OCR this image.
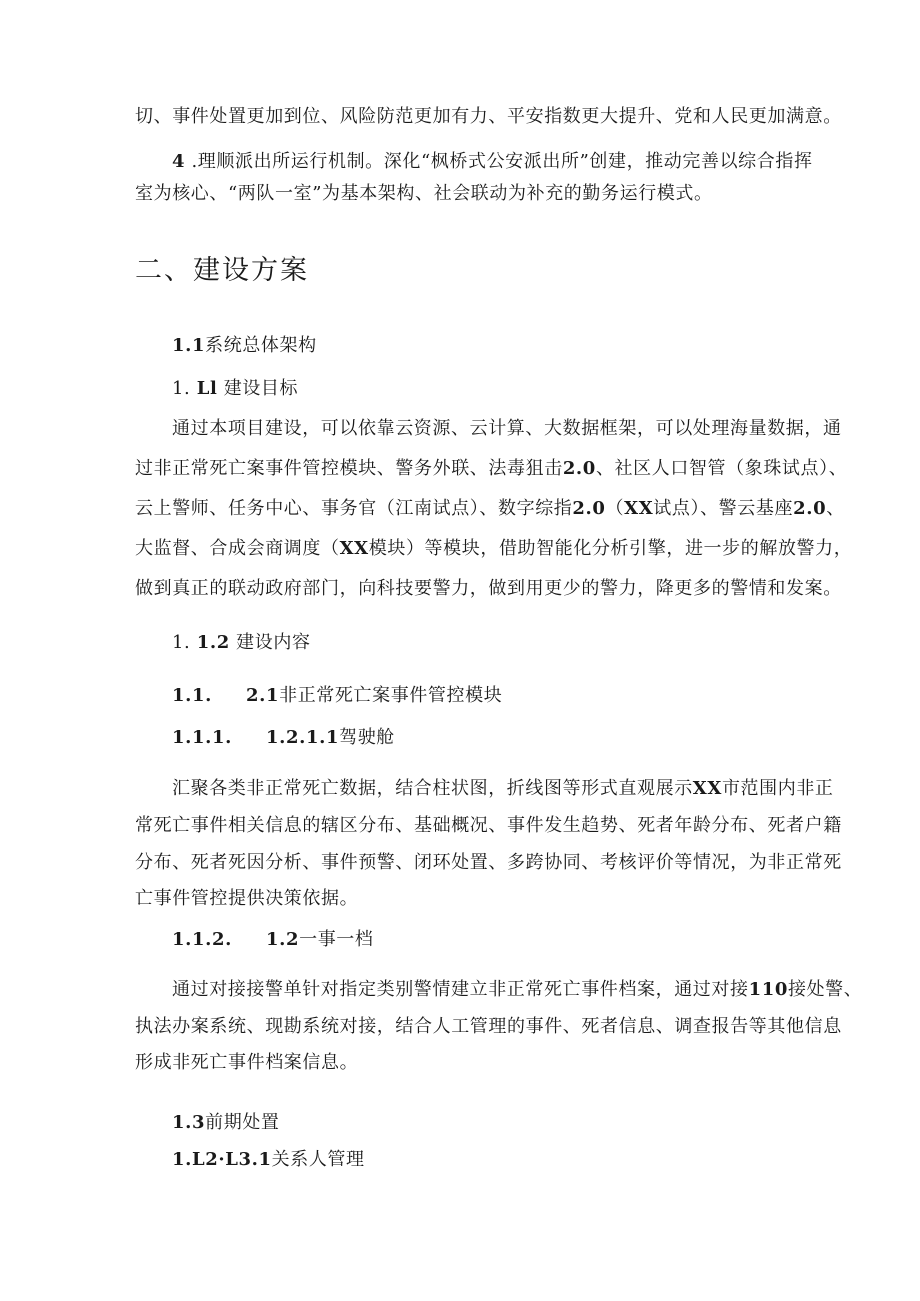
切、事件处置更加到位、风险防范更加有力、平安指数更大提升、党和人民更加满意。
4 .理顺派出所运行机制。深化“枫桥式公安派出所”创建，推动完善以综合指挥
室为核心、“两队一室”为基本架构、社会联动为补充的勤务运行模式。
二、建设方案
1.1系统总体架构
1. Ll 建设目标
通过本项目建设，可以依靠云资源、云计算、大数据框架，可以处理海量数据，通
过非正常死亡案事件管控模块、警务外联、法毒狙击2.0、社区人口智管（象珠试点）、
云上警师、任务中心、事务官（江南试点）、数字综指2.0（XX试点）、警云基座2.0、
大监督、合成会商调度（XX模块）等模块，借助智能化分析引擎，进一步的解放警力，
做到真正的联动政府部门，向科技要警力，做到用更少的警力，降更多的警情和发案。
1. 1.2 建设内容
1.1. 2.1非正常死亡案事件管控模块
1.1.1. 1.2.1.1驾驶舱
汇聚各类非正常死亡数据，结合柱状图，折线图等形式直观展示XX市范围内非正
常死亡事件相关信息的辖区分布、基础概况、事件发生趋势、死者年龄分布、死者户籍
分布、死者死因分析、事件预警、闭环处置、多跨协同、考核评价等情况，为非正常死
亡事件管控提供决策依据。
1.1.2. 1.2一事一档
通过对接接警单针对指定类别警情建立非正常死亡事件档案，通过对接110接处警、
执法办案系统、现勘系统对接，结合人工管理的事件、死者信息、调查报告等其他信息
形成非死亡事件档案信息。
1.3前期处置
1.L2·L3.1关系人管理
